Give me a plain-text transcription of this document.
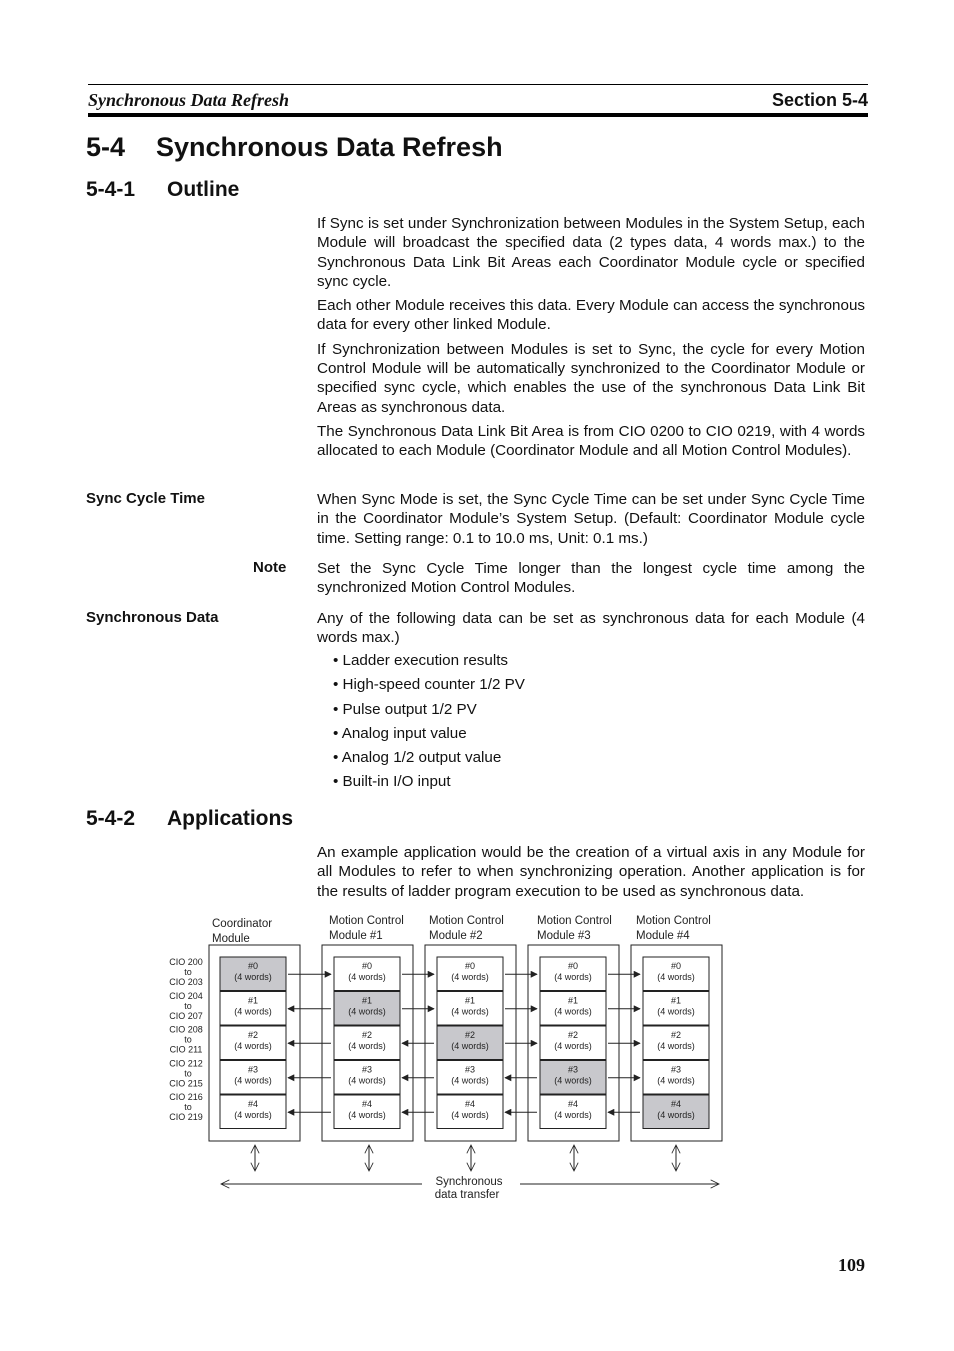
Synchronous Data Refresh	Section 5-4
5-4 Synchronous Data Refresh
5-4-1 Outline

If Sync is set under Synchronization between Modules in the System Setup, each Module will broadcast the specified data (2 types data, 4 words max.) to the Synchronous Data Link Bit Areas each Coordinator Module cycle or specified sync cycle.

Each other Module receives this data. Every Module can access the synchronous data for every other linked Module.

If Synchronization between Modules is set to Sync, the cycle for every Motion Control Module will be automatically synchronized to the Coordinator Module or specified sync cycle, which enables the use of the synchronous Data Link Bit Areas as synchronous data.

The Synchronous Data Link Bit Area is from CIO 0200 to CIO 0219, with 4 words allocated to each Module (Coordinator Module and all Motion Control Modules).

Sync Cycle Time	When Sync Mode is set, the Sync Cycle Time can be set under Sync Cycle Time in the Coordinator Module’s System Setup. (Default: Coordinator Module cycle time. Setting range: 0.1 to 10.0 ms, Unit: 0.1 ms.)
Note Set the Sync Cycle Time longer than the longest cycle time among the synchronized Motion Control Modules.
Synchronous Data	Any of the following data can be set as synchronous data for each Module (4 words max.)
• Ladder execution results
• High-speed counter 1/2 PV
• Pulse output 1/2 PV
• Analog input value
• Analog 1/2 output value
• Built-in I/O input
5-4-2 Applications
An example application would be the creation of a virtual axis in any Module for all Modules to refer to when synchronizing operation. Another application is for the results of ladder program execution to be used as synchronous data.
Coordinator
Module
Motion Control
Module #1
Motion Control
Module #2
Motion Control
Module #3
Motion Control
Module #4
#0
(4 words)
#1
(4 words)
#2
(4 words)
#3
(4 words)
#4
(4 words)
#0
(4 words)
#1
(4 words)
#2
(4 words)
#3
(4 words)
#4
(4 words)
#0
(4 words)
#1
(4 words)
#2
(4 words)
#3
(4 words)
#4
(4 words)
#0
(4 words)
#1
(4 words)
#2
(4 words)
#3
(4 words)
#4
(4 words)
#0
(4 words)
#1
(4 words)
#2
(4 words)
#3
(4 words)
#4
(4 words)
CIO 200
to
CIO 203
CIO 204
to
CIO 207
CIO 208
to
CIO 211
CIO 212
to
CIO 215
CIO 216
to
CIO 219
Synchronous
data transfer
109
